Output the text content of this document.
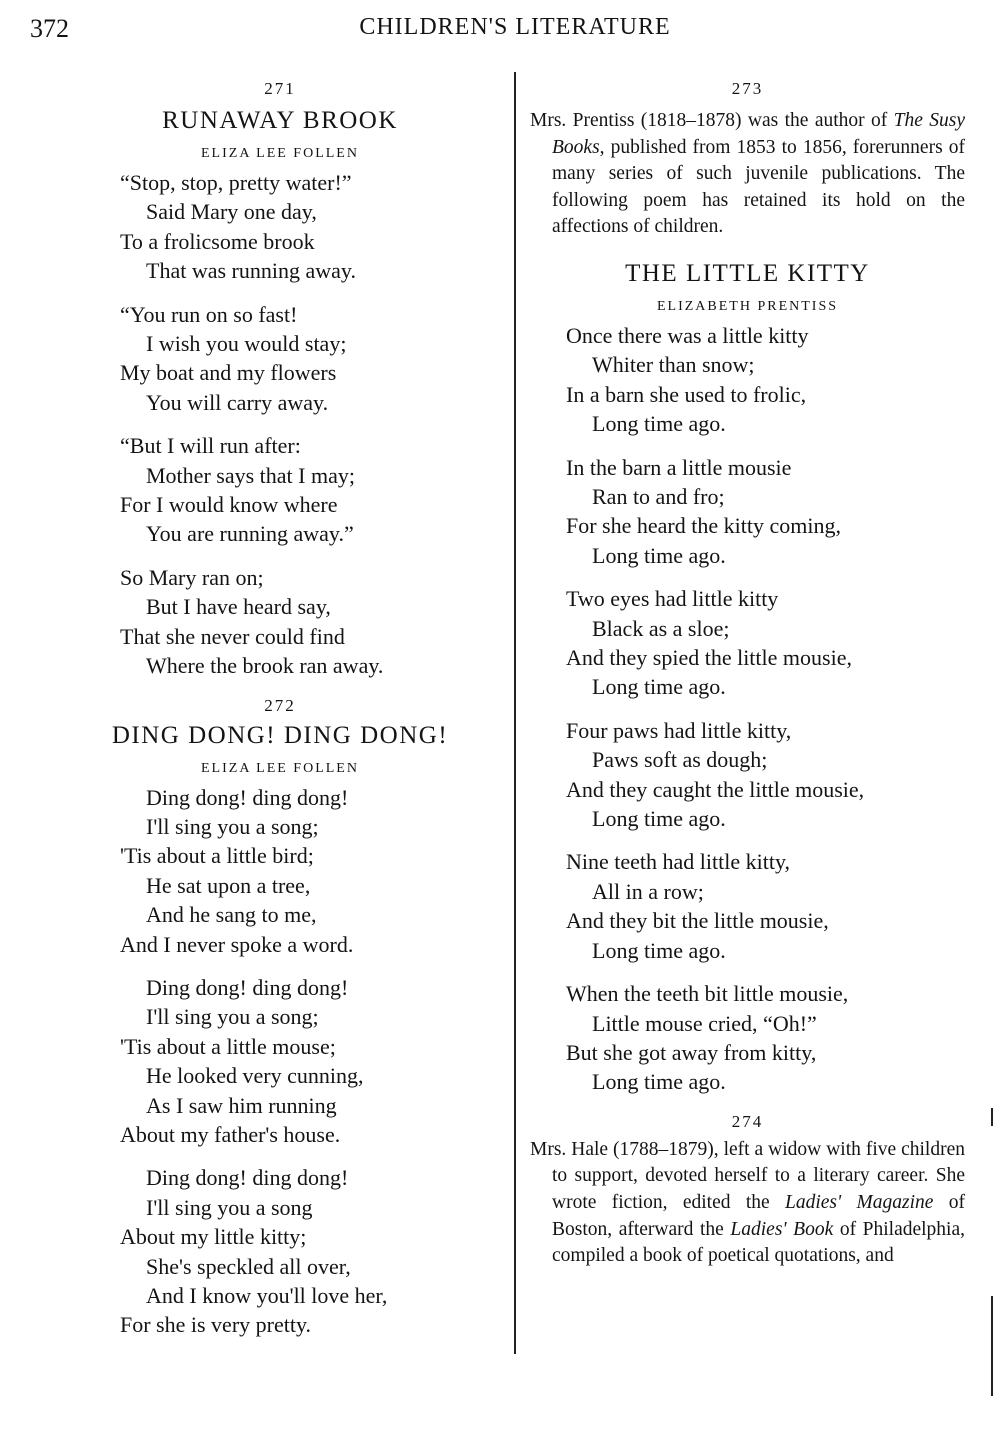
372	CHILDREN'S LITERATURE
271
RUNAWAY BROOK
ELIZA LEE FOLLEN
“Stop, stop, pretty water!”
Said Mary one day,
To a frolicsome brook
That was running away.
“You run on so fast!
I wish you would stay;
My boat and my flowers
You will carry away.
“But I will run after:
Mother says that I may;
For I would know where
You are running away.”
So Mary ran on;
But I have heard say,
That she never could find
Where the brook ran away.
272
DING DONG! DING DONG!
ELIZA LEE FOLLEN
Ding dong! ding dong!
I'll sing you a song;
'Tis about a little bird;
He sat upon a tree,
And he sang to me,
And I never spoke a word.
Ding dong! ding dong!
I'll sing you a song;
'Tis about a little mouse;
He looked very cunning,
As I saw him running
About my father's house.
Ding dong! ding dong!
I'll sing you a song
About my little kitty;
She's speckled all over,
And I know you'll love her,
For she is very pretty.
273

Mrs. Prentiss (1818–1878) was the author of The Susy Books, published from 1853 to 1856, forerunners of many series of such juvenile publications. The following poem has retained its hold on the affections of children.

THE LITTLE KITTY
ELIZABETH PRENTISS
Once there was a little kitty
Whiter than snow;
In a barn she used to frolic,
Long time ago.
In the barn a little mousie
Ran to and fro;
For she heard the kitty coming,
Long time ago.
Two eyes had little kitty
Black as a sloe;
And they spied the little mousie,
Long time ago.
Four paws had little kitty,
Paws soft as dough;
And they caught the little mousie,
Long time ago.
Nine teeth had little kitty,
All in a row;
And they bit the little mousie,
Long time ago.
When the teeth bit little mousie,
Little mouse cried, “Oh!”
But she got away from kitty,
Long time ago.
274

Mrs. Hale (1788–1879), left a widow with five children to support, devoted herself to a literary career. She wrote fiction, edited the Ladies' Magazine of Boston, afterward the Ladies' Book of Philadelphia, compiled a book of poetical quotations, and
